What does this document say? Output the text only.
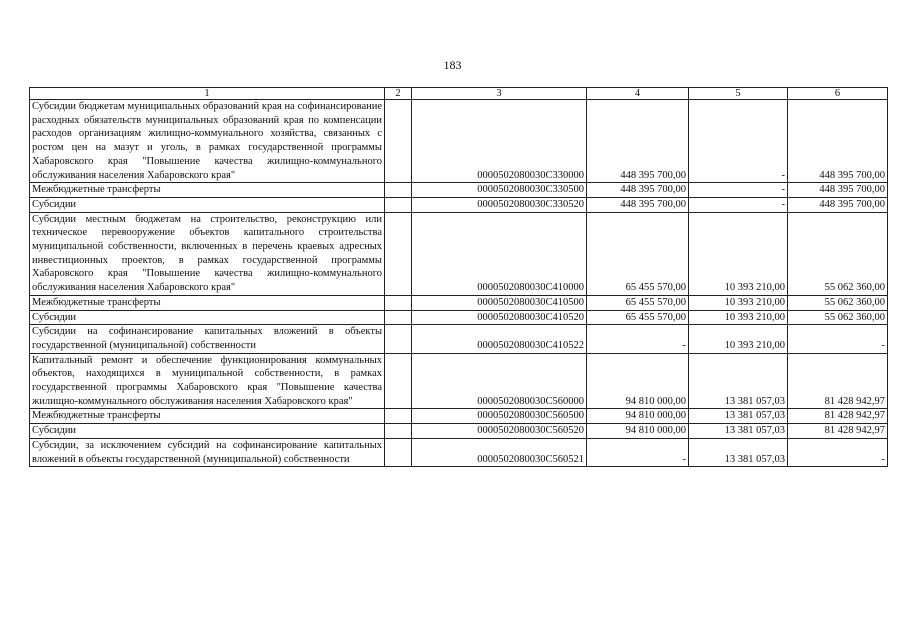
183
1	2	3	4	5	6
Субсидии бюджетам муниципальных образований края на софинансирование расходных обязательств муниципальных образований края по компенсации расходов организациям жилищно-коммунального хозяйства, связанных с ростом цен на мазут и уголь, в рамках государственной программы Хабаровского края "Повышение качества жилищно-коммунального обслуживания населения Хабаровского края"		0000502080030С330000	448 395 700,00	-	448 395 700,00
Межбюджетные трансферты		0000502080030С330500	448 395 700,00	-	448 395 700,00
Субсидии		0000502080030С330520	448 395 700,00	-	448 395 700,00
Субсидии местным бюджетам на строительство, реконструкцию или техническое перевооружение объектов капитального строительства муниципальной собственности, включенных в перечень краевых адресных инвестиционных проектов, в рамках государственной программы Хабаровского края "Повышение качества жилищно-коммунального обслуживания населения Хабаровского края"		0000502080030С410000	65 455 570,00	10 393 210,00	55 062 360,00
Межбюджетные трансферты		0000502080030С410500	65 455 570,00	10 393 210,00	55 062 360,00
Субсидии		0000502080030С410520	65 455 570,00	10 393 210,00	55 062 360,00
Субсидии на софинансирование капитальных вложений в объекты государственной (муниципальной) собственности		0000502080030С410522	-	10 393 210,00	-
Капитальный ремонт и обеспечение функционирования коммунальных объектов, находящихся в муниципальной собственности, в рамках государственной программы Хабаровского края "Повышение качества жилищно-коммунального обслуживания населения Хабаровского края"		0000502080030С560000	94 810 000,00	13 381 057,03	81 428 942,97
Межбюджетные трансферты		0000502080030С560500	94 810 000,00	13 381 057,03	81 428 942,97
Субсидии		0000502080030С560520	94 810 000,00	13 381 057,03	81 428 942,97
Субсидии, за исключением субсидий на софинансирование капитальных вложений в объекты государственной (муниципальной) собственности		0000502080030С560521	-	13 381 057,03	-
